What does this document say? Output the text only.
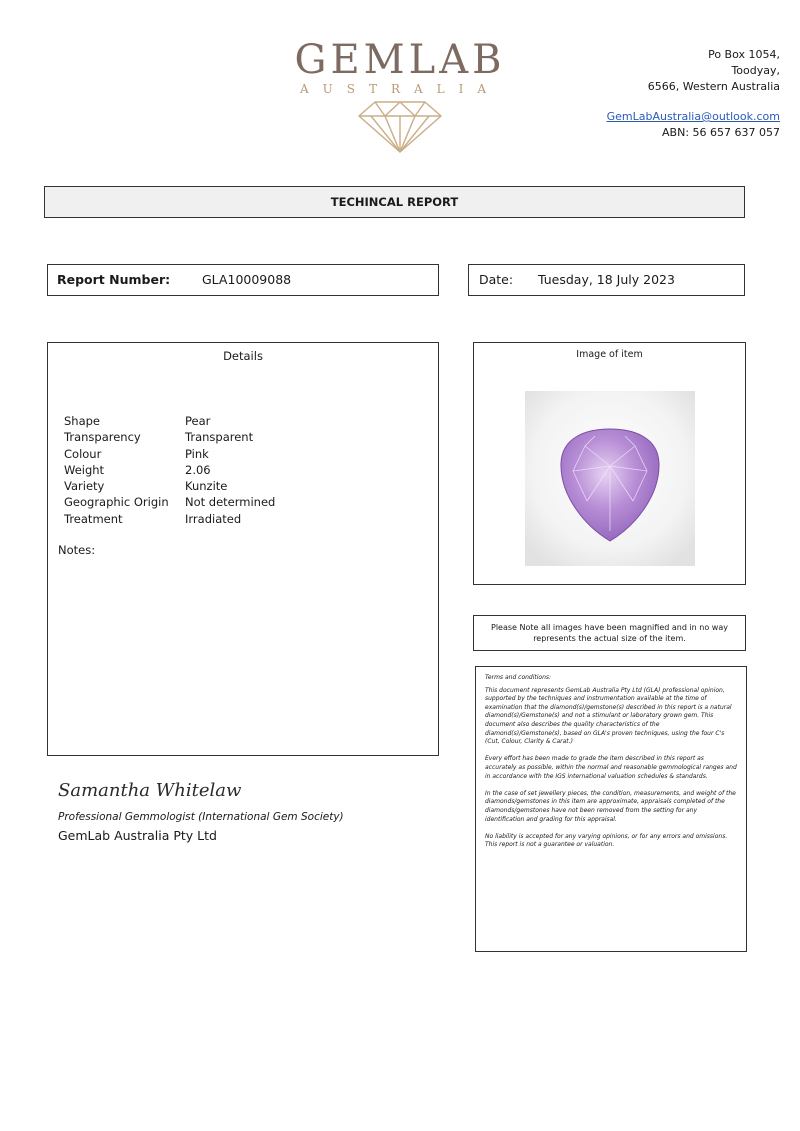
GEMLAB
AUSTRALIA
Po Box 1054,
Toodyay,
6566, Western Australia
GemLabAustralia@outlook.com
ABN: 56 657 637 057
TECHINCAL REPORT
Report Number:	GLA10009088	Date: Tuesday, 18 July 2023
Details
Shape	Pear
Transparency	Transparent
Colour	Pink
Weight	2.06
Variety	Kunzite
Geographic Origin	Not determined
Treatment	Irradiated
Notes:
Image of item
Please Note all images have been magnified and in no way represents the actual size of the item.

Terms and conditions:

This document represents GemLab Australia Pty Ltd (GLA) professional opinion, supported by the techniques and instrumentation available at the time of examination that the diamond(s)/gemstone(s) described in this report is a natural diamond(s)/Gemstone(s) and not a stimulant or laboratory grown gem. This document also describes the quality characteristics of the diamond(s)/Gemstone(s), based on GLA's proven techniques, using the four C's (Cut, Colour, Clarity & Carat.)

Every effort has been made to grade the item described in this report as accurately as possible, within the normal and reasonable gemmological ranges and in accordance with the IGS international valuation schedules & standards.

In the case of set jewellery pieces, the condition, measurements, and weight of the diamonds/gemstones in this item are approximate, appraisals completed of the diamonds/gemstones have not been removed from the setting for any identification and grading for this appraisal.

No liability is accepted for any varying opinions, or for any errors and omissions. This report is not a guarantee or valuation.

Samantha Whitelaw
Professional Gemmologist (International Gem Society)
GemLab Australia Pty Ltd
